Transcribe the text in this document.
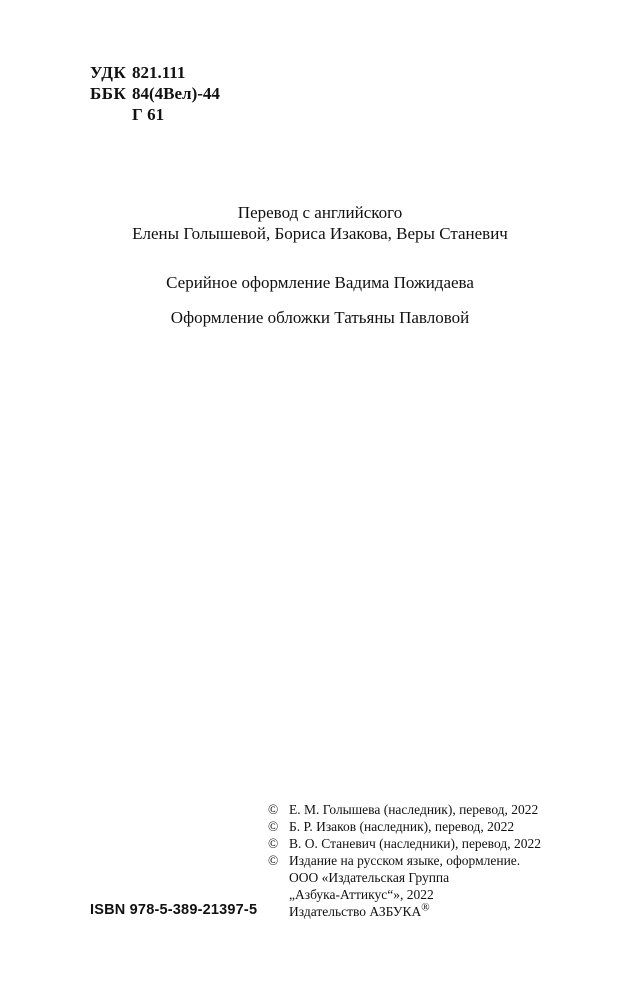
УДК 821.111
ББК 84(4Вел)-44
Г 61
Перевод с английского
Елены Голышевой, Бориса Изакова, Веры Станевич
Серийное оформление Вадима Пожидаева
Оформление обложки Татьяны Павловой
© Е. М. Голышева (наследник), перевод, 2022
© Б. Р. Изаков (наследник), перевод, 2022
© В. О. Станевич (наследники), перевод, 2022
© Издание на русском языке, оформление.
ООО «Издательская Группа
„Азбука-Аттикус“», 2022
Издательство АЗБУКА®
ISBN 978-5-389-21397-5
